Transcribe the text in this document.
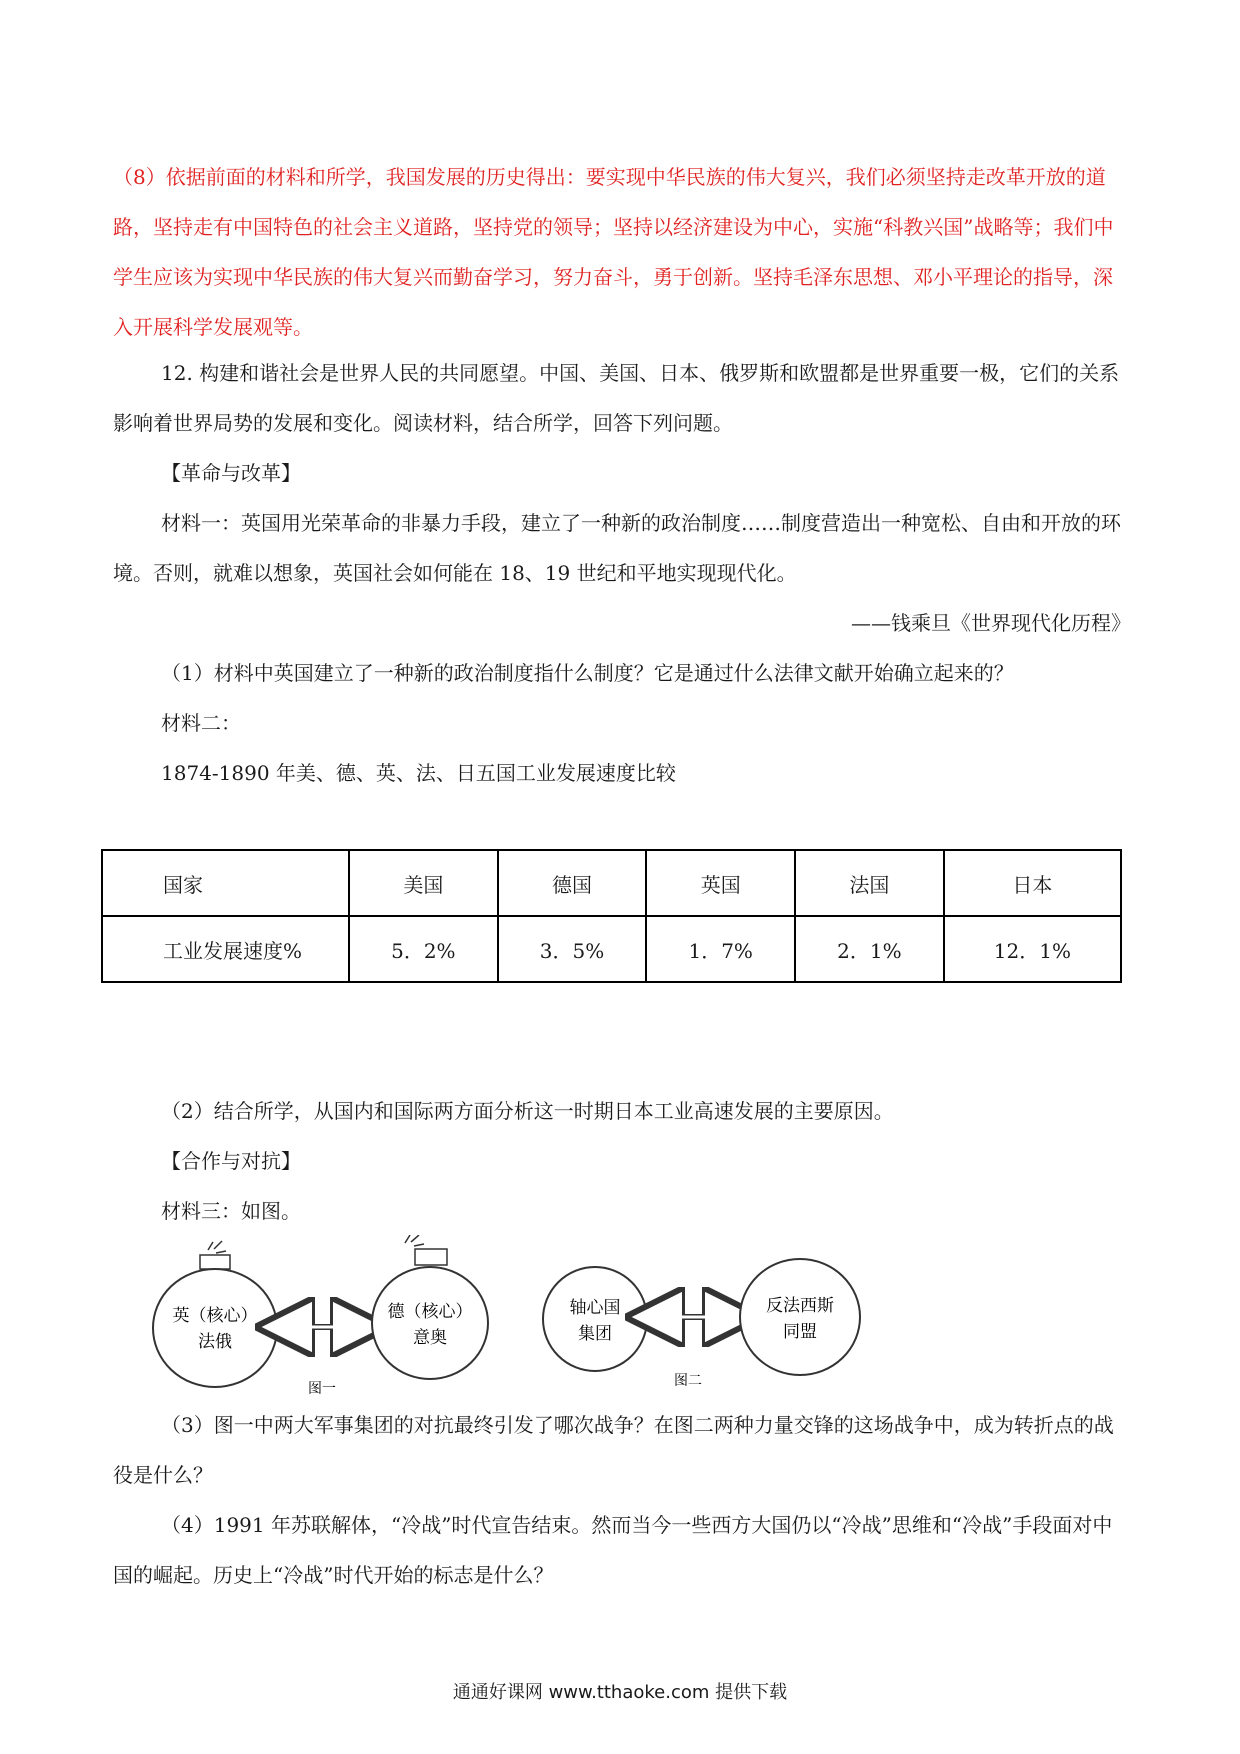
（8）依据前面的材料和所学，我国发展的历史得出：要实现中华民族的伟大复兴，我们必须坚持走改革开放的道路，坚持走有中国特色的社会主义道路，坚持党的领导；坚持以经济建设为中心，实施“科教兴国”战略等；我们中学生应该为实现中华民族的伟大复兴而勤奋学习，努力奋斗，勇于创新。坚持毛泽东思想、邓小平理论的指导，深入开展科学发展观等。

12. 构建和谐社会是世界人民的共同愿望。中国、美国、日本、俄罗斯和欧盟都是世界重要一极，它们的关系影响着世界局势的发展和变化。阅读材料，结合所学，回答下列问题。

【革命与改革】

材料一：英国用光荣革命的非暴力手段，建立了一种新的政治制度……制度营造出一种宽松、自由和开放的环境。否则，就难以想象，英国社会如何能在 18、19 世纪和平地实现现代化。

——钱乘旦《世界现代化历程》

（1）材料中英国建立了一种新的政治制度指什么制度？它是通过什么法律文献开始确立起来的？

材料二：

1874-1890 年美、德、英、法、日五国工业发展速度比较

国家	美国	德国	英国	法国	日本
工业发展速度%	5．2%	3．5%	1．7%	2．1%	12．1%

（2）结合所学，从国内和国际两方面分析这一时期日本工业高速发展的主要原因。

【合作与对抗】

材料三：如图。

英（核心）
法俄
德（核心）
意奥
图一
轴心国
集团
反法西斯
同盟
图二

（3）图一中两大军事集团的对抗最终引发了哪次战争？在图二两种力量交锋的这场战争中，成为转折点的战役是什么？

（4）1991 年苏联解体，“冷战”时代宣告结束。然而当今一些西方大国仍以“冷战”思维和“冷战”手段面对中国的崛起。历史上“冷战”时代开始的标志是什么？

通通好课网 www.tthaoke.com 提供下载
